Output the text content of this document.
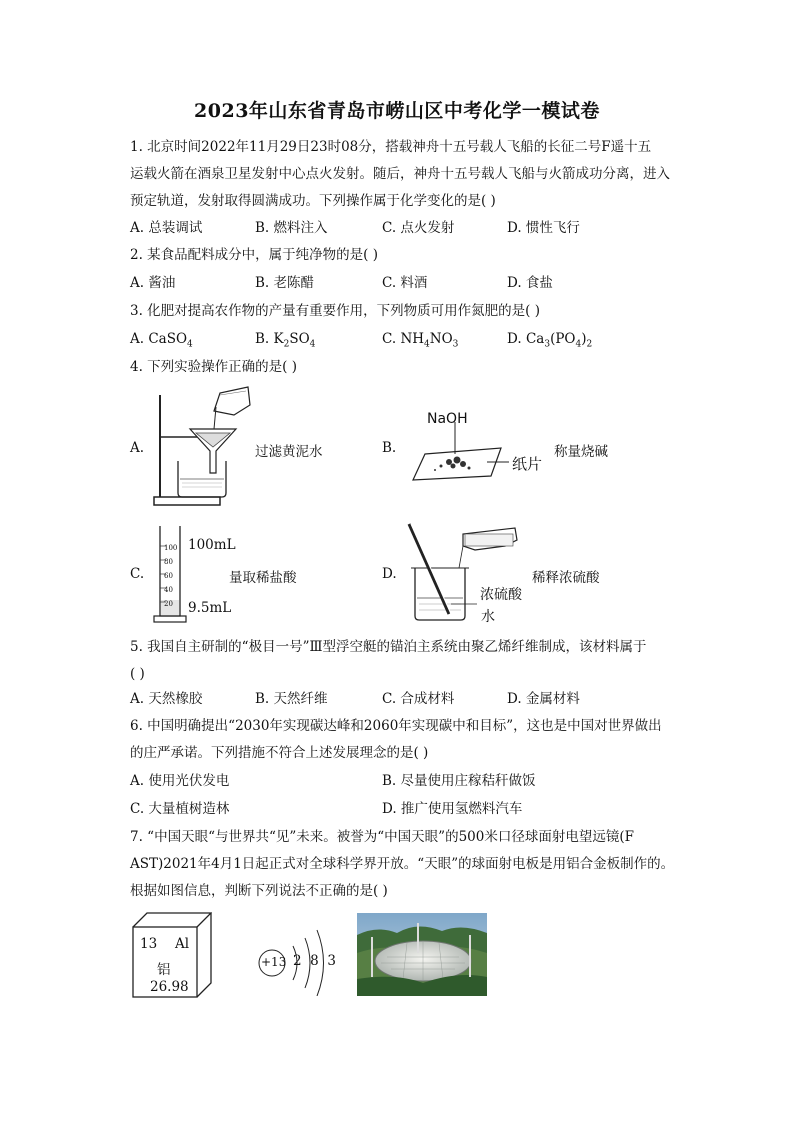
2023年山东省青岛市崂山区中考化学一模试卷
1. 北京时间2022年11月29日23时08分，搭载神舟十五号载人飞船的长征二号F遥十五
运载火箭在酒泉卫星发射中心点火发射。随后，神舟十五号载人飞船与火箭成功分离，进入
预定轨道，发射取得圆满成功。下列操作属于化学变化的是( )
A. 总装调试	B. 燃料注入	C. 点火发射	D. 惯性飞行
2. 某食品配料成分中，属于纯净物的是( )
A. 酱油	B. 老陈醋	C. 料酒	D. 食盐
3. 化肥对提高农作物的产量有重要作用，下列物质可用作氮肥的是( )
A. CaSO$_4$	B. $K_2SO_4$	C. $NH_4NO_3$	D. $Ca_3(PO_4)_2$
4. 下列实验操作正确的是( )
A.	过滤黄泥水	B.
NaOH
纸片
称量烧碱
C.
100
80
60
40
20
100mL
9.5mL
量取稀盐酸	D.	稀释浓硫酸
浓硫酸
水
5. 我国自主研制的“极目一号”Ⅲ型浮空艇的锚泊主系统由聚乙烯纤维制成，该材料属于
( )
A. 天然橡胶	B. 天然纤维	C. 合成材料	D. 金属材料
6. 中国明确提出“2030年实现碳达峰和2060年实现碳中和目标”，这也是中国对世界做出
的庄严承诺。下列措施不符合上述发展理念的是( )
A. 使用光伏发电	B. 尽量使用庄稼秸秆做饭
C. 大量植树造林	D. 推广使用氢燃料汽车
7. “中国天眼“与世界共“见”未来。被誉为“中国天眼”的500米口径球面射电望远镜(F
AST)2021年4月1日起正式对全球科学界开放。“天眼”的球面射电板是用铝合金板制作的。
根据如图信息，判断下列说法不正确的是( )
13 Al
铝
26.98
+13 2  8  3
